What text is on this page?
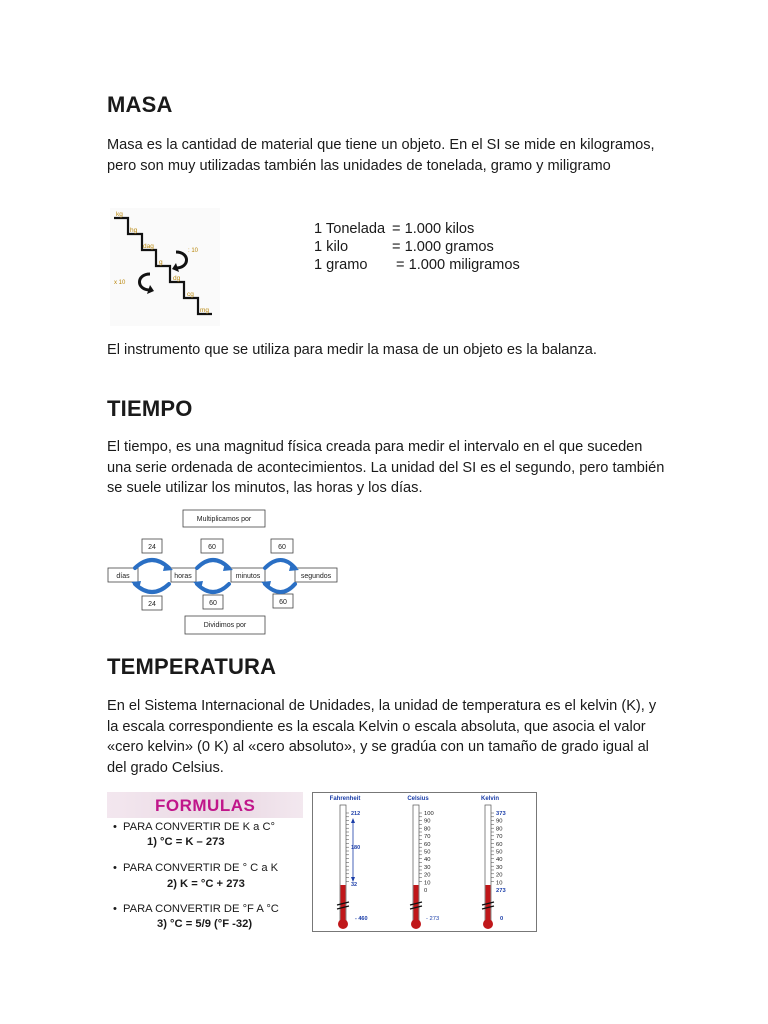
MASA
Masa es la cantidad de material que tiene un objeto. En el SI se mide en kilogramos, pero son muy utilizadas también las unidades de tonelada, gramo y miligramo
kg
hg
dag
g
dg
cg
mg
: 10
x 10
1 Tonelada = 1.000 kilos
1 kilo	= 1.000 gramos
1 gramo	= 1.000 miligramos
El instrumento que se utiliza para medir la masa de un objeto es la balanza.
TIEMPO
El tiempo, es una magnitud física creada para medir el intervalo en el que suceden una serie ordenada de acontecimientos. La unidad del SI es el segundo, pero también se suele utilizar los minutos, las horas y los días.
Multiplicamos por
Dividimos por
24	60	60
24	60	60
días	horas	minutos	segundos
TEMPERATURA
En el Sistema Internacional de Unidades, la unidad de temperatura es el kelvin (K), y la escala correspondiente es la escala Kelvin o escala absoluta, que asocia el valor «cero kelvin» (0 K) al «cero absoluto», y se gradúa con un tamaño de grado igual al del grado Celsius.
FORMULAS
• PARA CONVERTIR DE K a C°
1) °C = K – 273
• PARA CONVERTIR DE ° C a K
2) K = °C + 273
• PARA CONVERTIR DE °F A °C
3) °C = 5/9 (°F -32)
Fahrenheit	Celsius	Kelvin
212
180
32
- 460
100
90
80
70
60
50
40
30
20
10
0
- 273
373
90
80
70
60
50
40
30
20
10
273
0
